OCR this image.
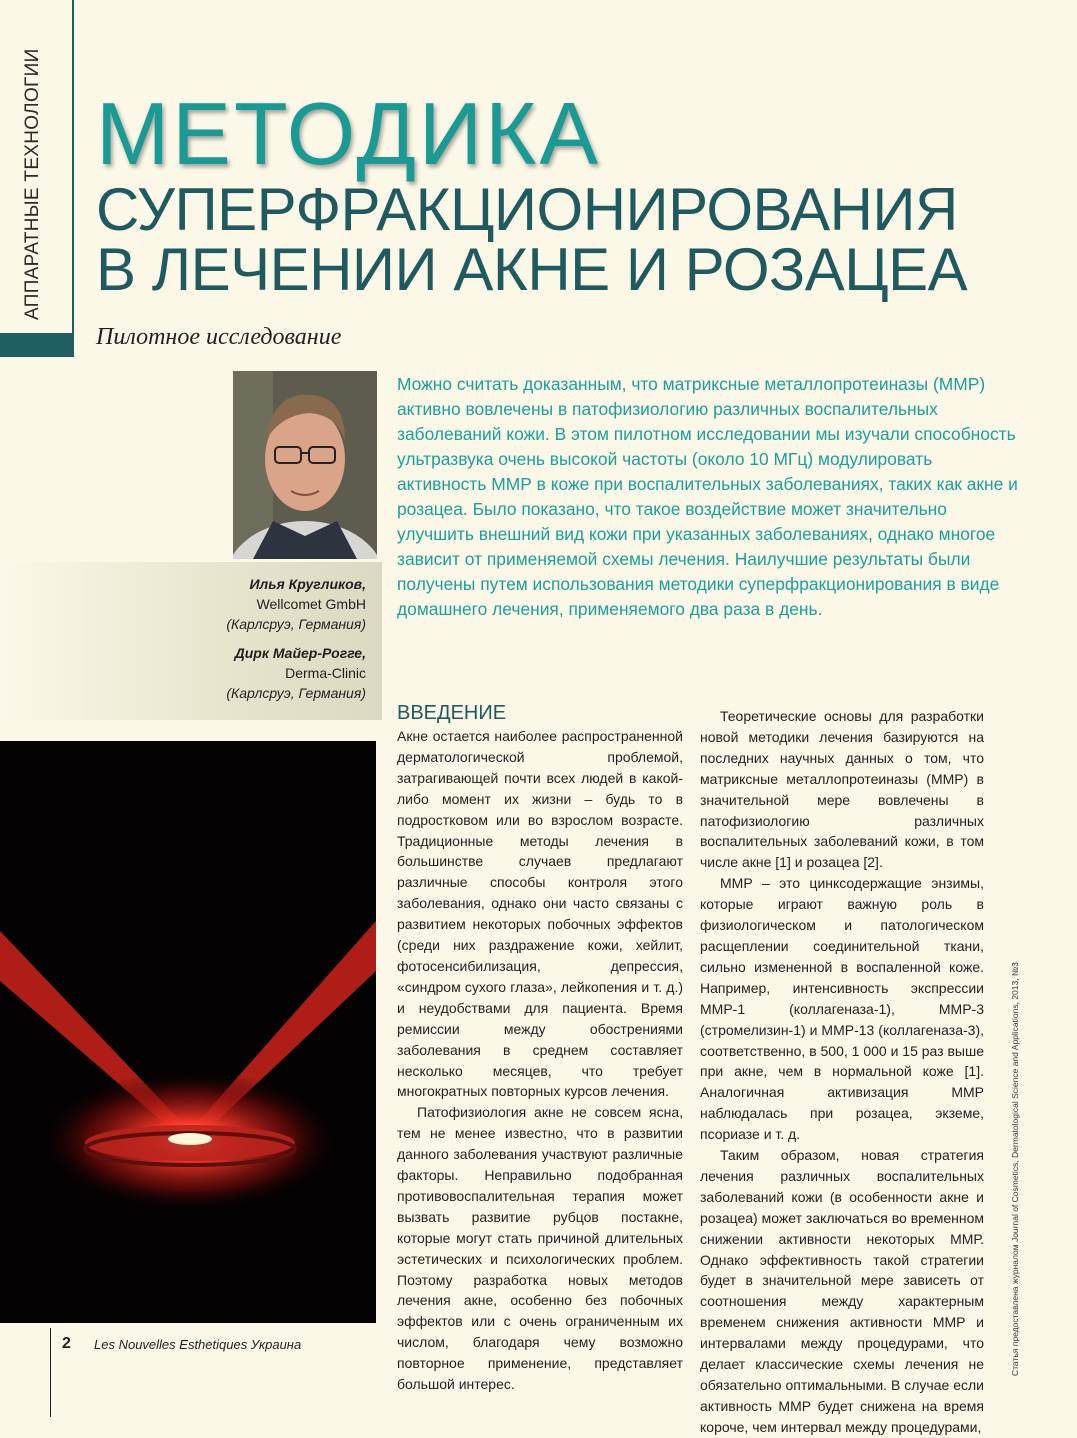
АППАРАТНЫЕ ТЕХНОЛОГИИ МЕТОДИКА
СУПЕРФРАКЦИОНИРОВАНИЯ
В ЛЕЧЕНИИ АКНЕ И РОЗАЦЕА
Пилотное исследование
Илья Кругликов,
Wellcomet GmbH
(Карлсруэ, Германия)
Дирк Майер-Рогге,
Derma-Clinic
(Карлсруэ, Германия)
Можно считать доказанным, что матриксные металлопротеиназы (ММР) активно вовлечены в патофизиологию различных воспалительных заболеваний кожи. В этом пилотном исследовании мы изучали способность ультразвука очень высокой частоты (около 10 МГц) модулировать активность ММР в коже при воспалительных заболеваниях, таких как акне и розацеа. Было показано, что такое воздействие может значительно улучшить внешний вид кожи при указанных заболеваниях, однако многое зависит от применяемой схемы лечения. Наилучшие результаты были получены путем использования методики суперфракционирования в виде домашнего лечения, применяемого два раза в день.
ВВЕДЕНИЕ

Акне остается наиболее распространенной дерматологической проблемой, затрагивающей почти всех людей в какой-либо момент их жизни – будь то в подростковом или во взрослом возрасте. Традиционные методы лечения в большинстве случаев предлагают различные способы контроля этого заболевания, однако они часто связаны с развитием некоторых побочных эффектов (среди них раздражение кожи, хейлит, фотосенсибилизация, депрессия, «синдром сухого глаза», лейкопения и т. д.) и неудобствами для пациента. Время ремиссии между обострениями заболевания в среднем составляет несколько месяцев, что требует многократных повторных курсов лечения.

Патофизиология акне не совсем ясна, тем не менее известно, что в развитии данного заболевания участвуют различные факторы. Неправильно подобранная противовоспалительная терапия может вызвать развитие рубцов постакне, которые могут стать причиной длительных эстетических и психологических проблем. Поэтому разработка новых методов лечения акне, особенно без побочных эффектов или с очень ограниченным их числом, благодаря чему возможно повторное применение, представляет большой интерес.

Теоретические основы для разработки новой методики лечения базируются на последних научных данных о том, что матриксные металлопротеиназы (ММР) в значительной мере вовлечены в патофизиологию различных воспалительных заболеваний кожи, в том числе акне [1] и розацеа [2].

ММР – это цинксодержащие энзимы, которые играют важную роль в физиологическом и патологическом расщеплении соединительной ткани, сильно измененной в воспаленной коже. Например, интенсивность экспрессии ММР-1 (коллагеназа-1), ММР-3 (стромелизин-1) и ММР-13 (коллагеназа-3), соответственно, в 500, 1 000 и 15 раз выше при акне, чем в нормальной коже [1]. Аналогичная активизация ММР наблюдалась при розацеа, экземе, псориазе и т. д.

Таким образом, новая стратегия лечения различных воспалительных заболеваний кожи (в особенности акне и розацеа) может заключаться во временном снижении активности некоторых ММР. Однако эффективность такой стратегии будет в значительной мере зависеть от соотношения между характерным временем снижения активности ММР и интервалами между процедурами, что делает классические схемы лечения не обязательно оптимальными. В случае если активность ММР будет снижена на время короче, чем интервал между процедурами,

Статья предоставлена журналом Journal of Cosmetics, Dermatological Science and Applications, 2013, №3
2 Les Nouvelles Esthetiques Украина
